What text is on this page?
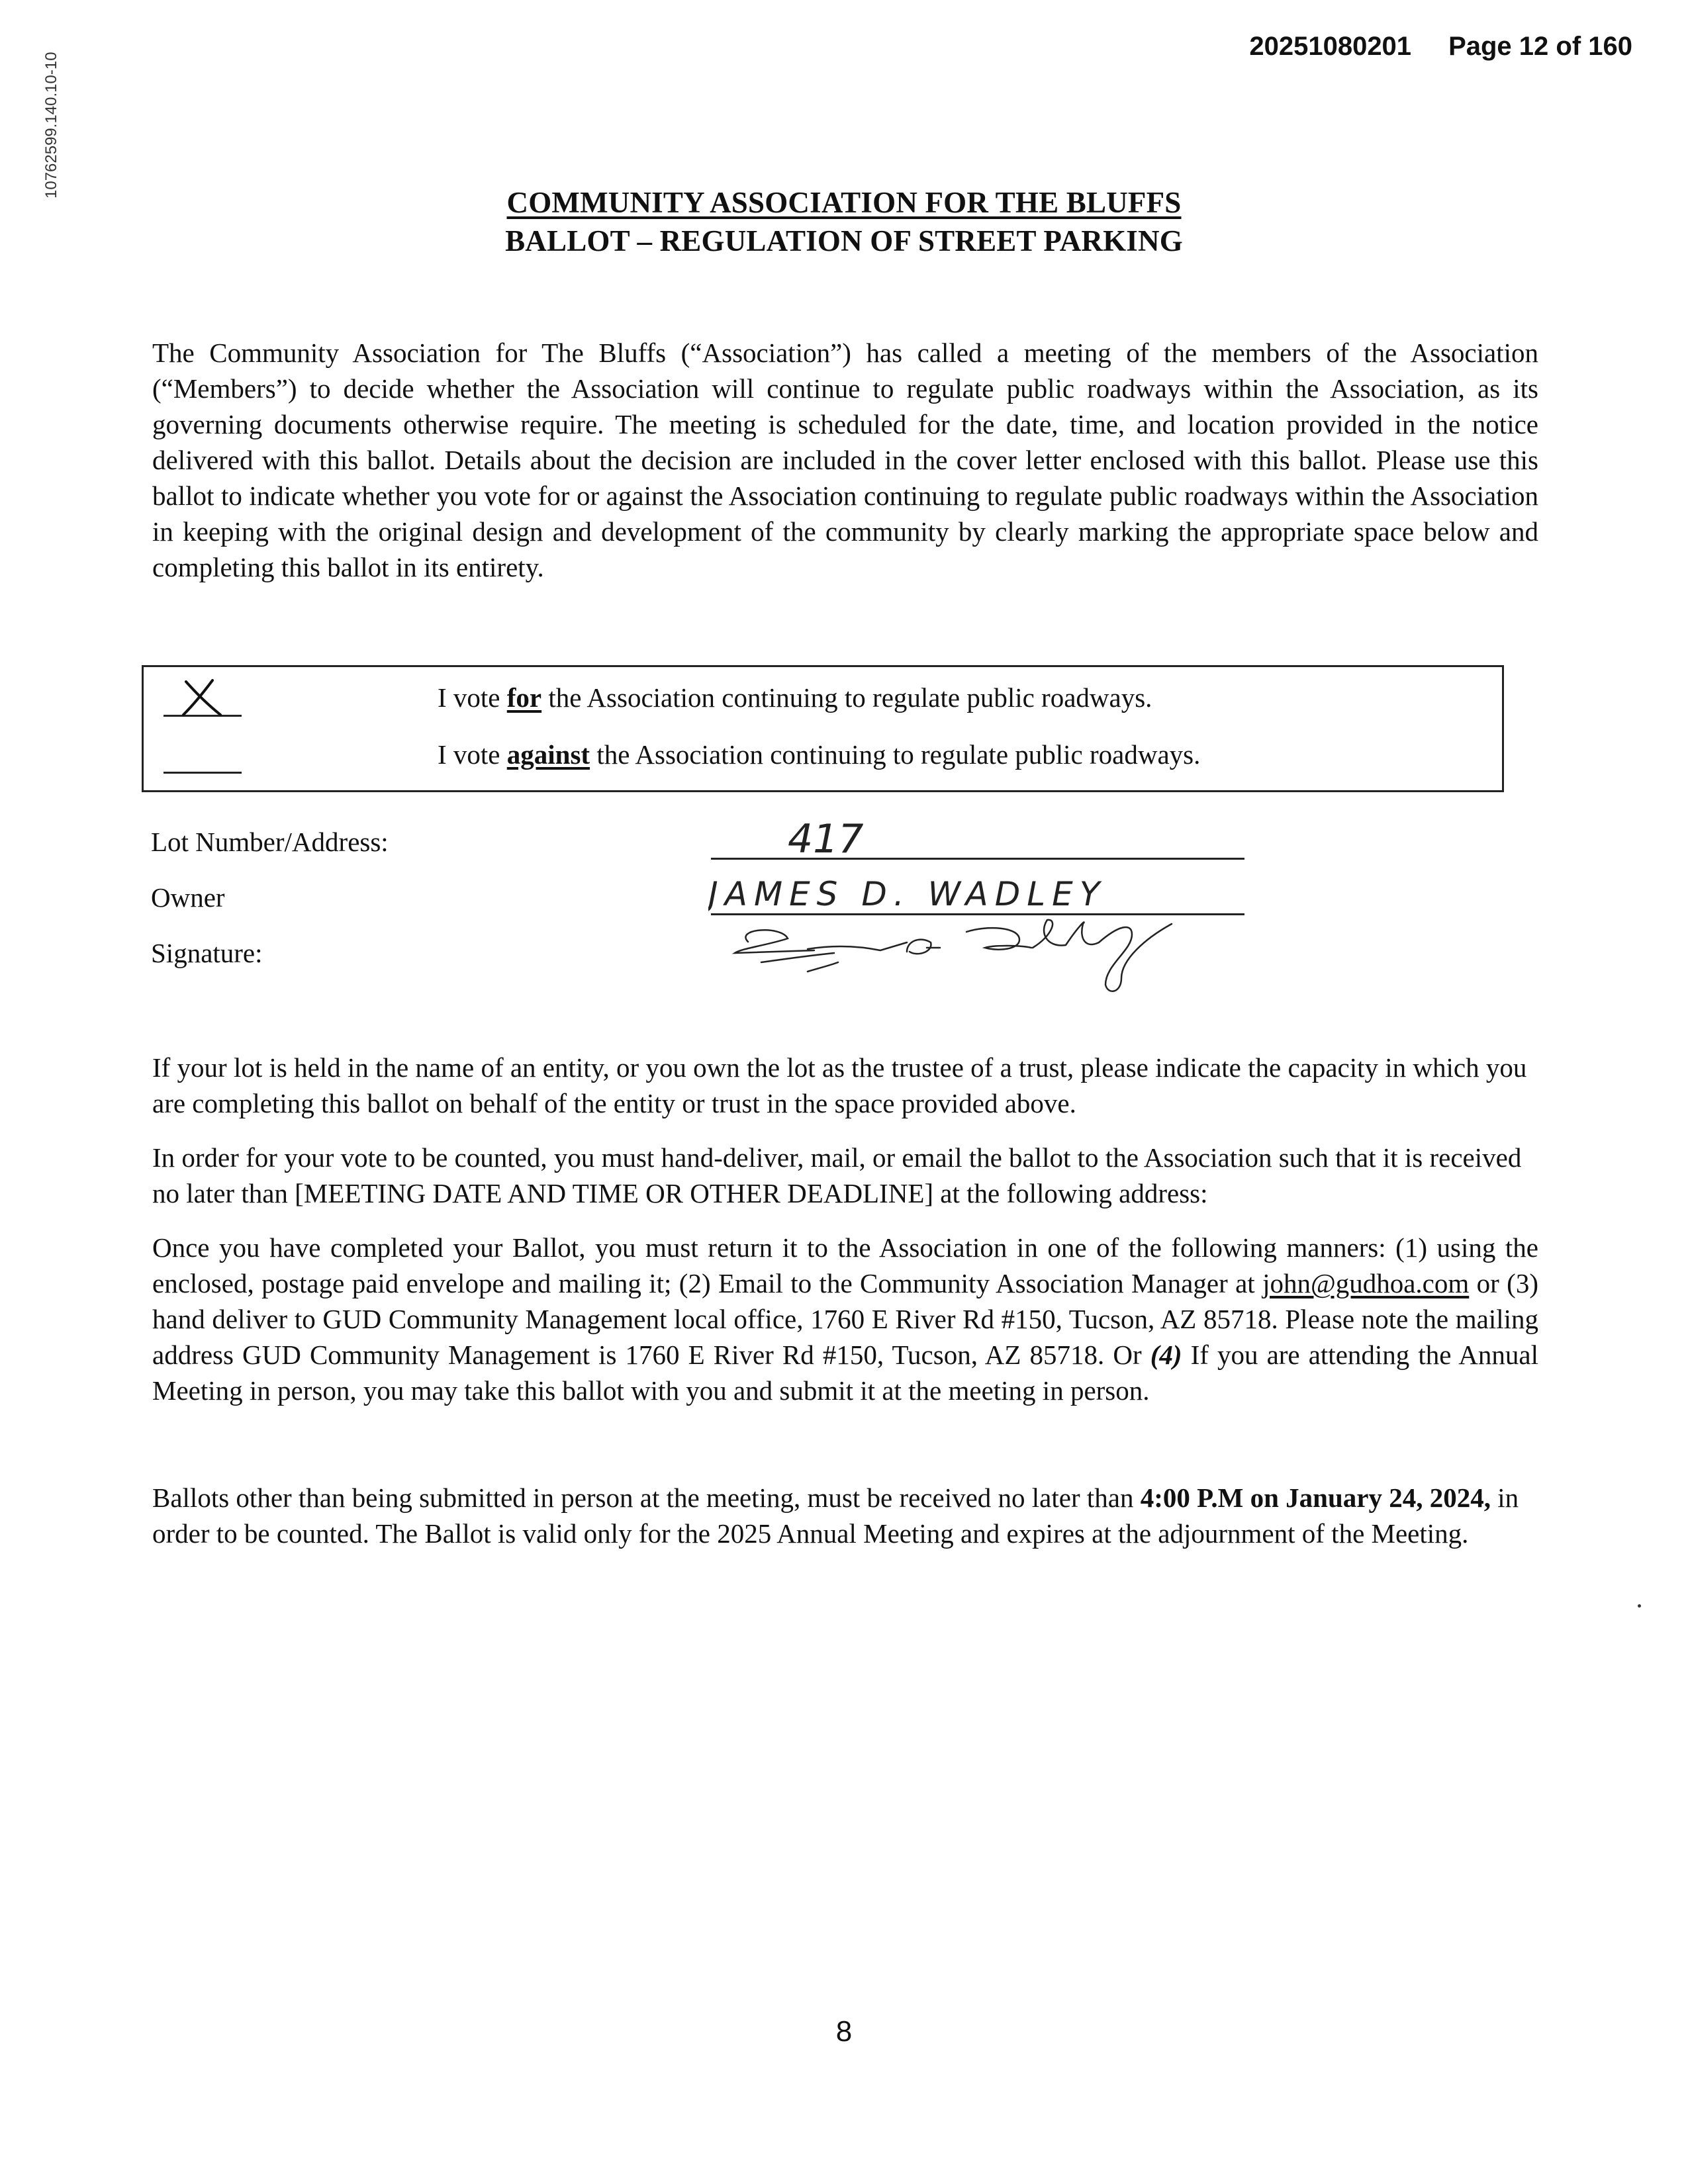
10762599.140.10-10
20251080201 Page 12 of 160
COMMUNITY ASSOCIATION FOR THE BLUFFS
BALLOT – REGULATION OF STREET PARKING

The Community Association for The Bluffs (“Association”) has called a meeting of the members of the Association (“Members”) to decide whether the Association will continue to regulate public roadways within the Association, as its governing documents otherwise require. The meeting is scheduled for the date, time, and location provided in the notice delivered with this ballot. Details about the decision are included in the cover letter enclosed with this ballot. Please use this ballot to indicate whether you vote for or against the Association continuing to regulate public roadways within the Association in keeping with the original design and development of the community by clearly marking the appropriate space below and completing this ballot in its entirety.

I vote for the Association continuing to regulate public roadways.
I vote against the Association continuing to regulate public roadways.
Lot Number/Address:
Owner
Signature:
417
JAMES D. WADLEY

If your lot is held in the name of an entity, or you own the lot as the trustee of a trust, please indicate the capacity in which you are completing this ballot on behalf of the entity or trust in the space provided above.

In order for your vote to be counted, you must hand-deliver, mail, or email the ballot to the Association such that it is received no later than [MEETING DATE AND TIME OR OTHER DEADLINE] at the following address:

Once you have completed your Ballot, you must return it to the Association in one of the following manners: (1) using the enclosed, postage paid envelope and mailing it; (2) Email to the Community Association Manager at john@gudhoa.com or (3) hand deliver to GUD Community Management local office, 1760 E River Rd #150, Tucson, AZ 85718. Please note the mailing address GUD Community Management is 1760 E River Rd #150, Tucson, AZ 85718. Or (4) If you are attending the Annual Meeting in person, you may take this ballot with you and submit it at the meeting in person.

Ballots other than being submitted in person at the meeting, must be received no later than 4:00 P.M on January 24, 2024, in order to be counted. The Ballot is valid only for the 2025 Annual Meeting and expires at the adjournment of the Meeting.

8
